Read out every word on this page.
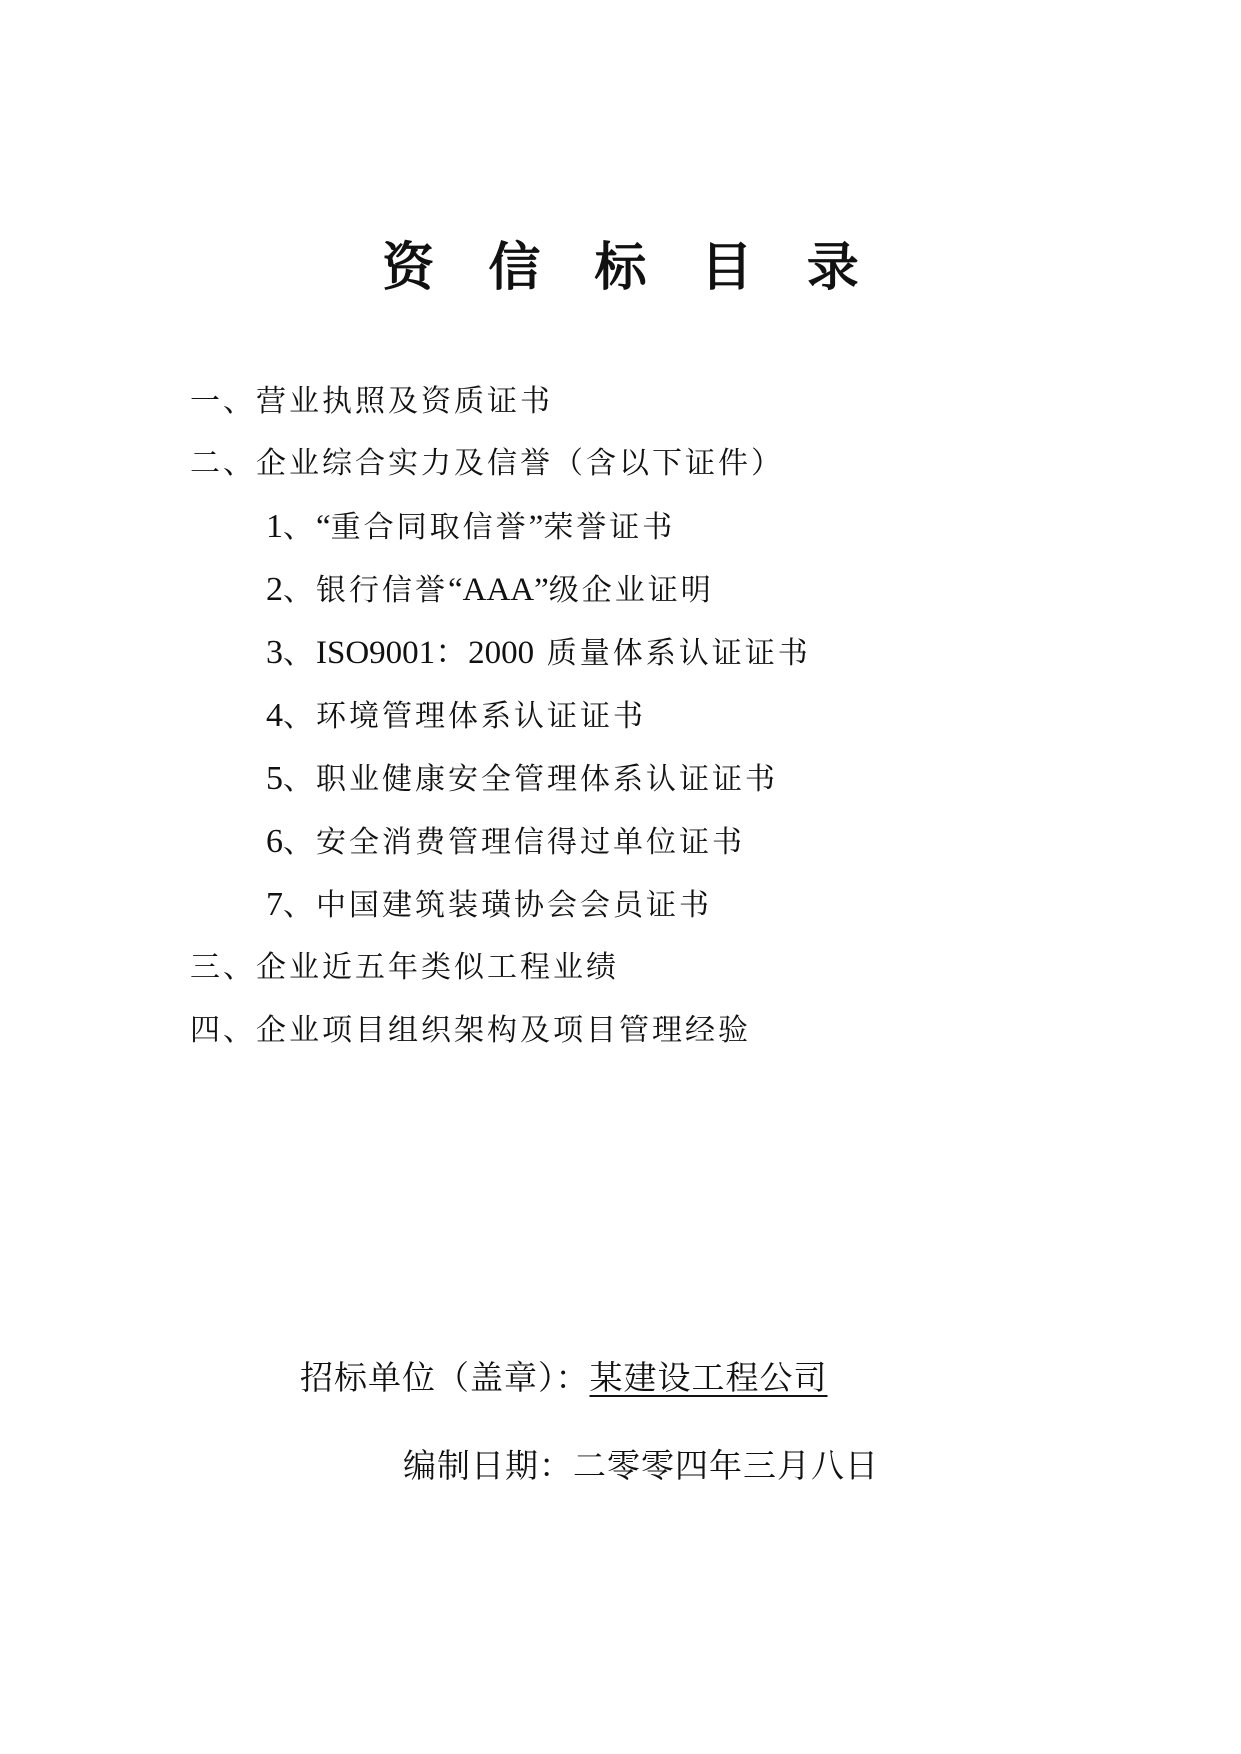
资 信 标 目 录
一、营业执照及资质证书
二、企业综合实力及信誉（含以下证件）
1、“重合同取信誉”荣誉证书
2、银行信誉“AAA”级企业证明
3、ISO9001：2000 质量体系认证证书
4、环境管理体系认证证书
5、职业健康安全管理体系认证证书
6、安全消费管理信得过单位证书
7、中国建筑装璜协会会员证书
三、企业近五年类似工程业绩
四、企业项目组织架构及项目管理经验
招标单位（盖章）：某建设工程公司
编制日期：二零零四年三月八日
